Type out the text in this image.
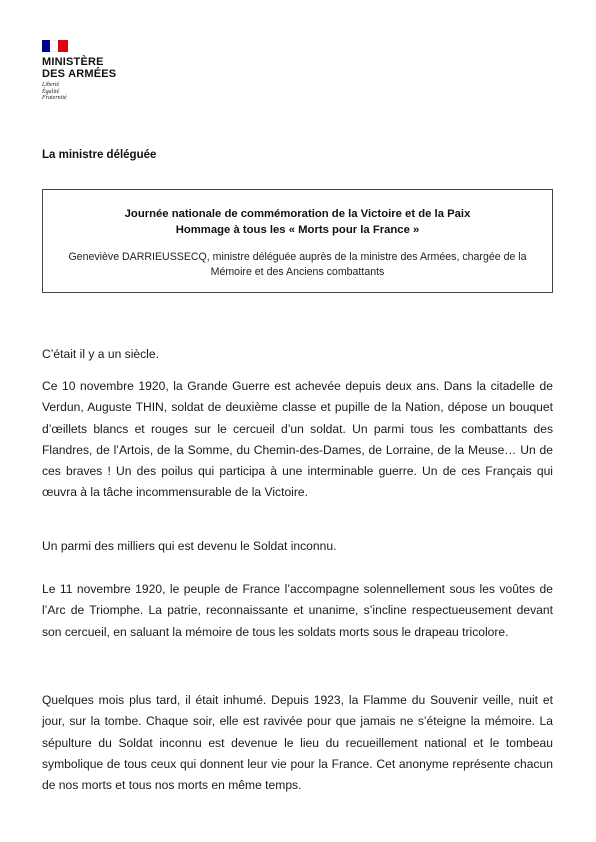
MINISTÈRE
DES ARMÉES
Liberté
Égalité
Fraternité
La ministre déléguée
Journée nationale de commémoration de la Victoire et de la Paix
Hommage à tous les « Morts pour la France »
Geneviève DARRIEUSSECQ, ministre déléguée auprès de la ministre des Armées, chargée de la Mémoire et des Anciens combattants

C’était il y a un siècle.

Ce 10 novembre 1920, la Grande Guerre est achevée depuis deux ans. Dans la citadelle de Verdun, Auguste THIN, soldat de deuxième classe et pupille de la Nation, dépose un bouquet d’œillets blancs et rouges sur le cercueil d’un soldat. Un parmi tous les combattants des Flandres, de l’Artois, de la Somme, du Chemin-des-Dames, de Lorraine, de la Meuse… Un de ces braves ! Un des poilus qui participa à une interminable guerre. Un de ces Français qui œuvra à la tâche incommensurable de la Victoire.

Un parmi des milliers qui est devenu le Soldat inconnu.

Le 11 novembre 1920, le peuple de France l’accompagne solennellement sous les voûtes de l’Arc de Triomphe. La patrie, reconnaissante et unanime, s’incline respectueusement devant son cercueil, en saluant la mémoire de tous les soldats morts sous le drapeau tricolore.

Quelques mois plus tard, il était inhumé. Depuis 1923, la Flamme du Souvenir veille, nuit et jour, sur la tombe. Chaque soir, elle est ravivée pour que jamais ne s’éteigne la mémoire. La sépulture du Soldat inconnu est devenue le lieu du recueillement national et le tombeau symbolique de tous ceux qui donnent leur vie pour la France. Cet anonyme représente chacun de nos morts et tous nos morts en même temps.
